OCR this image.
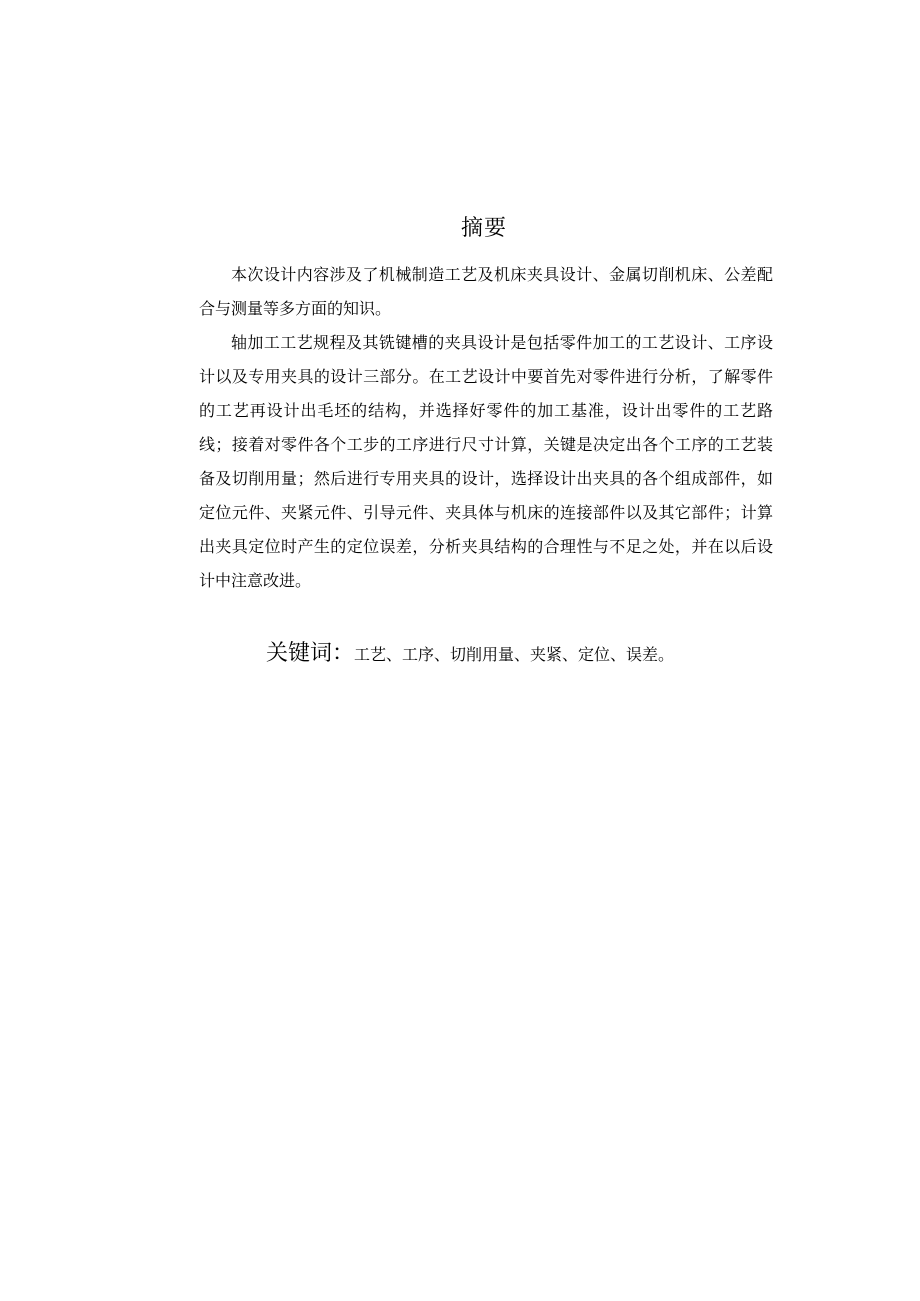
摘要

本次设计内容涉及了机械制造工艺及机床夹具设计、金属切削机床、公差配合与测量等多方面的知识。

轴加工工艺规程及其铣键槽的夹具设计是包括零件加工的工艺设计、工序设计以及专用夹具的设计三部分。在工艺设计中要首先对零件进行分析，了解零件的工艺再设计出毛坯的结构，并选择好零件的加工基准，设计出零件的工艺路线；接着对零件各个工步的工序进行尺寸计算，关键是决定出各个工序的工艺装备及切削用量；然后进行专用夹具的设计，选择设计出夹具的各个组成部件，如定位元件、夹紧元件、引导元件、夹具体与机床的连接部件以及其它部件；计算出夹具定位时产生的定位误差，分析夹具结构的合理性与不足之处，并在以后设计中注意改进。

关键词：工艺、工序、切削用量、夹紧、定位、误差。
